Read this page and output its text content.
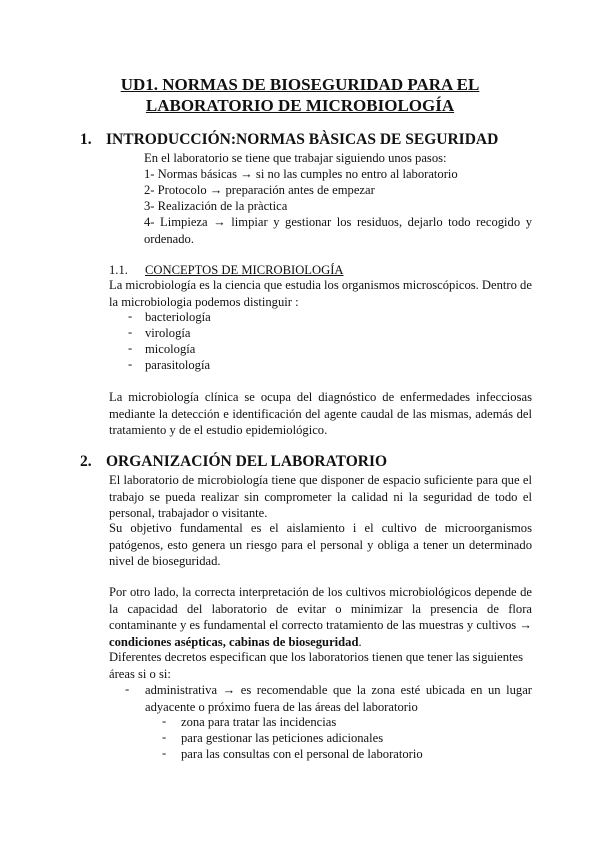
UD1. NORMAS DE BIOSEGURIDAD PARA EL
LABORATORIO DE MICROBIOLOGÍA
1. INTRODUCCIÓN:NORMAS BÀSICAS DE SEGURIDAD
En el laboratorio se tiene que trabajar siguiendo unos pasos:
1- Normas básicas → si no las cumples no entro al laboratorio
2- Protocolo → preparación antes de empezar
3- Realización de la pràctica
4- Limpieza → limpiar y gestionar los residuos, dejarlo todo recogido y ordenado.
1.1. CONCEPTOS DE MICROBIOLOGÍA
La microbiología es la ciencia que estudia los organismos microscópicos. Dentro de la microbiologia podemos distinguir :
- bacteriología
- virología
- micología
- parasitología
La microbiología clínica se ocupa del diagnóstico de enfermedades infecciosas mediante la detección e identificación del agente caudal de las mismas, además del tratamiento y de el estudio epidemiológico.
2. ORGANIZACIÓN DEL LABORATORIO
El laboratorio de microbiología tiene que disponer de espacio suficiente para que el trabajo se pueda realizar sin comprometer la calidad ni la seguridad de todo el personal, trabajador o visitante.
Su objetivo fundamental es el aislamiento i el cultivo de microorganismos patógenos, esto genera un riesgo para el personal y obliga a tener un determinado nivel de bioseguridad.
Por otro lado, la correcta interpretación de los cultivos microbiológicos depende de la capacidad del laboratorio de evitar o minimizar la presencia de flora contaminante y es fundamental el correcto tratamiento de las muestras y cultivos → condiciones asépticas, cabinas de bioseguridad.
Diferentes decretos especifican que los laboratorios tienen que tener las siguientes áreas si o si:
- administrativa → es recomendable que la zona esté ubicada en un lugar adyacente o próximo fuera de las áreas del laboratorio
- zona para tratar las incidencias
- para gestionar las peticiones adicionales
- para las consultas con el personal de laboratorio
